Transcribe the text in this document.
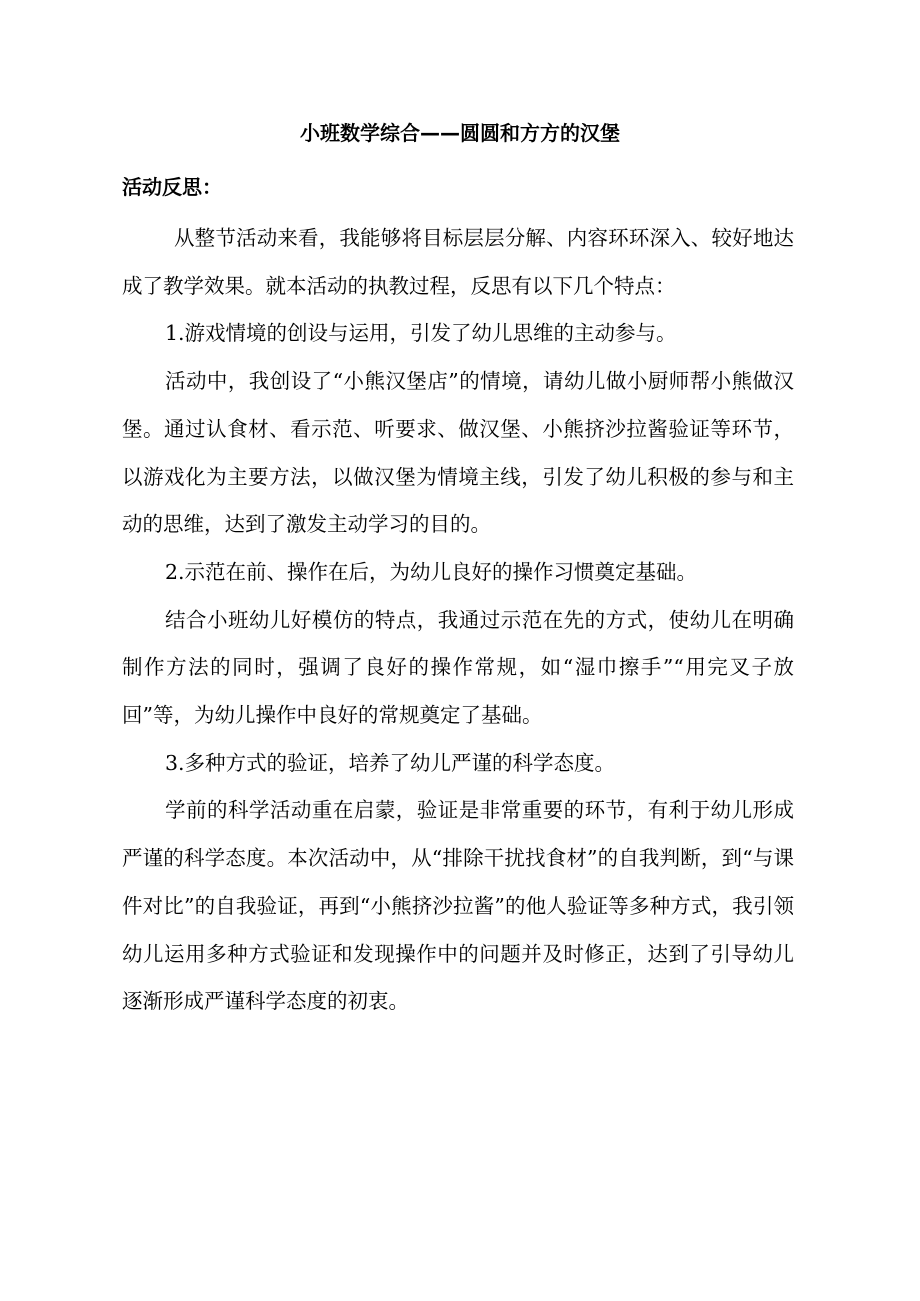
小班数学综合——圆圆和方方的汉堡
活动反思：

从整节活动来看，我能够将目标层层分解、内容环环深入、较好地达成了教学效果。就本活动的执教过程，反思有以下几个特点：

1.游戏情境的创设与运用，引发了幼儿思维的主动参与。

活动中，我创设了“小熊汉堡店”的情境，请幼儿做小厨师帮小熊做汉堡。通过认食材、看示范、听要求、做汉堡、小熊挤沙拉酱验证等环节，以游戏化为主要方法，以做汉堡为情境主线，引发了幼儿积极的参与和主动的思维，达到了激发主动学习的目的。

2.示范在前、操作在后，为幼儿良好的操作习惯奠定基础。

结合小班幼儿好模仿的特点，我通过示范在先的方式，使幼儿在明确制作方法的同时，强调了良好的操作常规，如“湿巾擦手”“用完叉子放回”等，为幼儿操作中良好的常规奠定了基础。

3.多种方式的验证，培养了幼儿严谨的科学态度。

学前的科学活动重在启蒙，验证是非常重要的环节，有利于幼儿形成严谨的科学态度。本次活动中，从“排除干扰找食材”的自我判断，到“与课件对比”的自我验证，再到“小熊挤沙拉酱”的他人验证等多种方式，我引领幼儿运用多种方式验证和发现操作中的问题并及时修正，达到了引导幼儿逐渐形成严谨科学态度的初衷。
